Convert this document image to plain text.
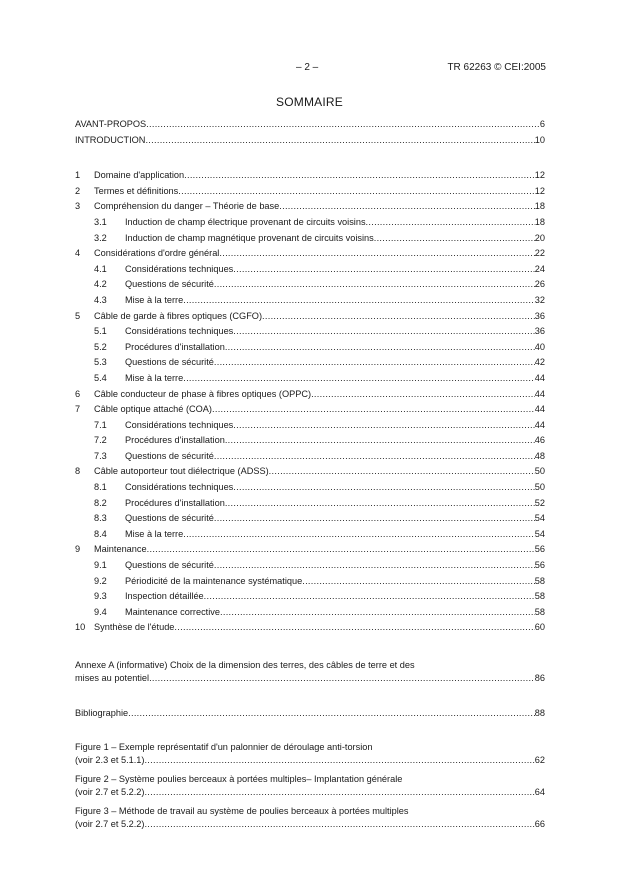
– 2 –	TR 62263 © CEI:2005
SOMMAIRE
AVANT-PROPOS .....	6
INTRODUCTION .....	10
1	Domaine d'application .....	12
2	Termes et définitions .....	12
3	Compréhension du danger – Théorie de base .....	18
3.1	Induction de champ électrique provenant de circuits voisins .....	18
3.2	Induction de champ magnétique provenant de circuits voisins .....	20
4	Considérations d'ordre général .....	22
4.1	Considérations techniques .....	24
4.2	Questions de sécurité .....	26
4.3	Mise à la terre .....	32
5	Câble de garde à fibres optiques (CGFO) .....	36
5.1	Considérations techniques .....	36
5.2	Procédures d'installation .....	40
5.3	Questions de sécurité .....	42
5.4	Mise à la terre .....	44
6	Câble conducteur de phase à fibres optiques (OPPC) .....	44
7	Câble optique attaché (COA) .....	44
7.1	Considérations techniques .....	44
7.2	Procédures d'installation .....	46
7.3	Questions de sécurité .....	48
8	Câble autoporteur tout diélectrique (ADSS) .....	50
8.1	Considérations techniques .....	50
8.2	Procédures d'installation .....	52
8.3	Questions de sécurité .....	54
8.4	Mise à la terre .....	54
9	Maintenance .....	56
9.1	Questions de sécurité .....	56
9.2	Périodicité de la maintenance systématique .....	58
9.3	Inspection détaillée .....	58
9.4	Maintenance corrective .....	58
10 Synthèse de l'étude .....	60
Annexe A (informative) Choix de la dimension des terres, des câbles de terre et des
mises au potentiel .....	86
Bibliographie .....	88
Figure 1 – Exemple représentatif d'un palonnier de déroulage anti-torsion
(voir 2.3 et 5.1.1) .....	62
Figure 2 – Système poulies berceaux à portées multiples– Implantation générale
(voir 2.7 et 5.2.2) .....	64
Figure 3 – Méthode de travail au système de poulies berceaux à portées multiples
(voir 2.7 et 5.2.2) .....	66
